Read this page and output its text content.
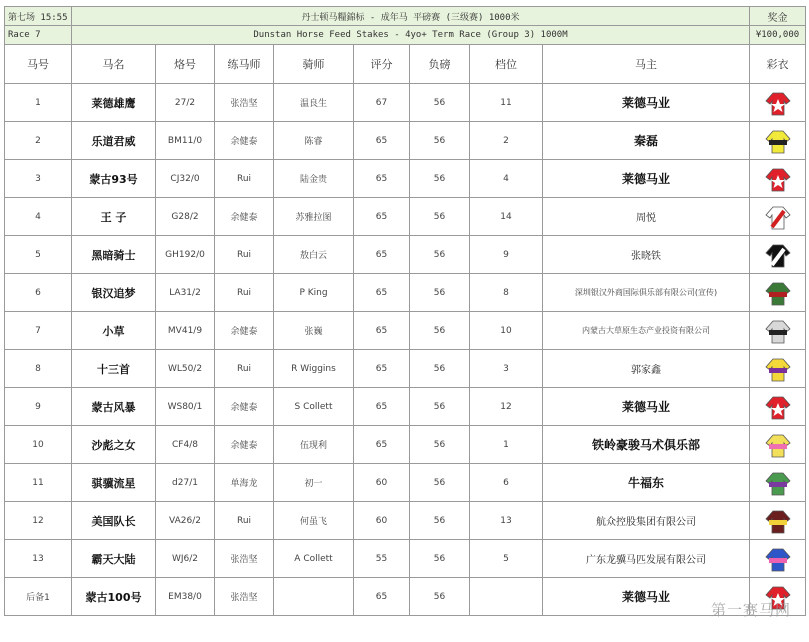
第七场 15:55	丹士顿马糧錦标 - 成年马 平磅赛 (三级赛) 1000米								奖金
Race 7	Dunstan Horse Feed Stakes - 4yo+ Term Race (Group 3) 1000M								¥100,000
马号	马名	烙号	练马师	骑师	评分	负磅	档位	马主	彩衣
1	莱德雄鹰	27/2	张浩坚	温良生	67	56	11	莱德马业	
2	乐道君威	BM11/0	余健泰	陈睿	65	56	2	秦磊	
3	蒙古93号	CJ32/0	Rui	陆金贵	65	56	4	莱德马业	
4	王 子	G28/2	余健泰	苏雅拉图	65	56	14	周悦	
5	黑暗骑士	GH192/0	Rui	敖白云	65	56	9	张晓铁	
6	银汉追梦	LA31/2	Rui	P King	65	56	8	深圳银汉外商国际俱乐部有限公司(宣传)	
7	小草	MV41/9	余健泰	张巍	65	56	10	内蒙古大草原生态产业投资有限公司	
8	十三首	WL50/2	Rui	R Wiggins	65	56	3	郭家鑫	
9	蒙古风暴	WS80/1	余健泰	S Collett	65	56	12	莱德马业	
10	沙彪之女	CF4/8	余健泰	伍现利	65	56	1	铁岭豪骏马术俱乐部	
11	骐骥流星	d27/1	单海龙	初一	60	56	6	牛福东	
12	美国队长	VA26/2	Rui	何虽飞	60	56	13	航众控股集团有限公司	
13	霸天大陆	WJ6/2	张浩坚	A Collett	55	56	5	广东龙骥马匹发展有限公司	
后备1	蒙古100号	EM38/0	张浩坚		65	56		莱德马业	
第一赛马网
